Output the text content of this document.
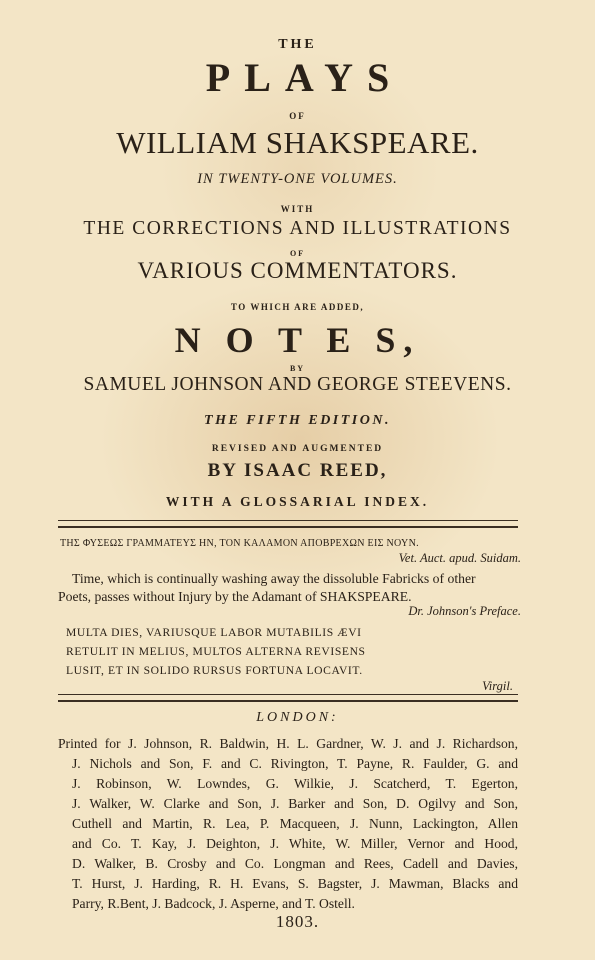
THE
PLAYS
OF
WILLIAM SHAKSPEARE.
IN TWENTY-ONE VOLUMES.
WITH
THE CORRECTIONS AND ILLUSTRATIONS
OF
VARIOUS COMMENTATORS.
TO WHICH ARE ADDED,
N O T E S,
BY
SAMUEL JOHNSON AND GEORGE STEEVENS.
THE FIFTH EDITION.
REVISED AND AUGMENTED
BY ISAAC REED,
WITH A GLOSSARIAL INDEX.
ΤΗΣ ΦΥΣΕΩΣ ΓΡΑΜΜΑΤΕΥΣ ΗΝ, ΤΟΝ ΚΑΛΑΜΟΝ ΑΠΟΒΡΕΧΩΝ ΕΙΣ ΝΟΥΝ.
Vet. Auct. apud. Suidam.
Time, which is continually washing away the dissoluble Fabricks of other
Poets, passes without Injury by the Adamant of SHAKSPEARE.
Dr. Johnson's Preface.
MULTA DIES, VARIUSQUE LABOR MUTABILIS ÆVI
RETULIT IN MELIUS, MULTOS ALTERNA REVISENS
LUSIT, ET IN SOLIDO RURSUS FORTUNA LOCAVIT.
Virgil.
LONDON:
Printed for J. Johnson, R. Baldwin, H. L. Gardner, W. J. and J. Richardson,
J. Nichols and Son, F. and C. Rivington, T. Payne, R. Faulder, G. and
J. Robinson, W. Lowndes, G. Wilkie, J. Scatcherd, T. Egerton,
J. Walker, W. Clarke and Son, J. Barker and Son, D. Ogilvy and Son,
Cuthell and Martin, R. Lea, P. Macqueen, J. Nunn, Lackington, Allen
and Co. T. Kay, J. Deighton, J. White, W. Miller, Vernor and Hood,
D. Walker, B. Crosby and Co. Longman and Rees, Cadell and Davies,
T. Hurst, J. Harding, R. H. Evans, S. Bagster, J. Mawman, Blacks and
Parry, R.Bent, J. Badcock, J. Asperne, and T. Ostell.
1803.
